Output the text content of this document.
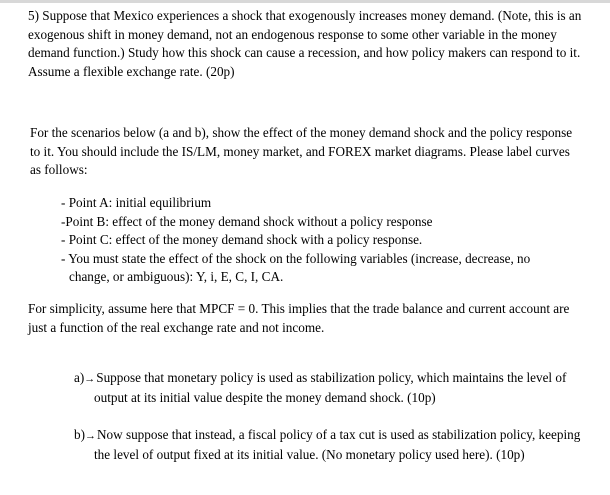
5) Suppose that Mexico experiences a shock that exogenously increases money demand. (Note, this is an exogenous shift in money demand, not an endogenous response to some other variable in the money demand function.) Study how this shock can cause a recession, and how policy makers can respond to it. Assume a flexible exchange rate. (20p)
For the scenarios below (a and b), show the effect of the money demand shock and the policy response to it. You should include the IS/LM, money market, and FOREX market diagrams. Please label curves as follows:
- Point A: initial equilibrium
-Point B: effect of the money demand shock without a policy response
- Point C: effect of the money demand shock with a policy response.
- You must state the effect of the shock on the following variables (increase, decrease, no change, or ambiguous): Y, i, E, C, I, CA.
For simplicity, assume here that MPCF = 0. This implies that the trade balance and current account are just a function of the real exchange rate and not income.
a)→Suppose that monetary policy is used as stabilization policy, which maintains the level of output at its initial value despite the money demand shock. (10p)
b)→Now suppose that instead, a fiscal policy of a tax cut is used as stabilization policy, keeping the level of output fixed at its initial value. (No monetary policy used here). (10p)
